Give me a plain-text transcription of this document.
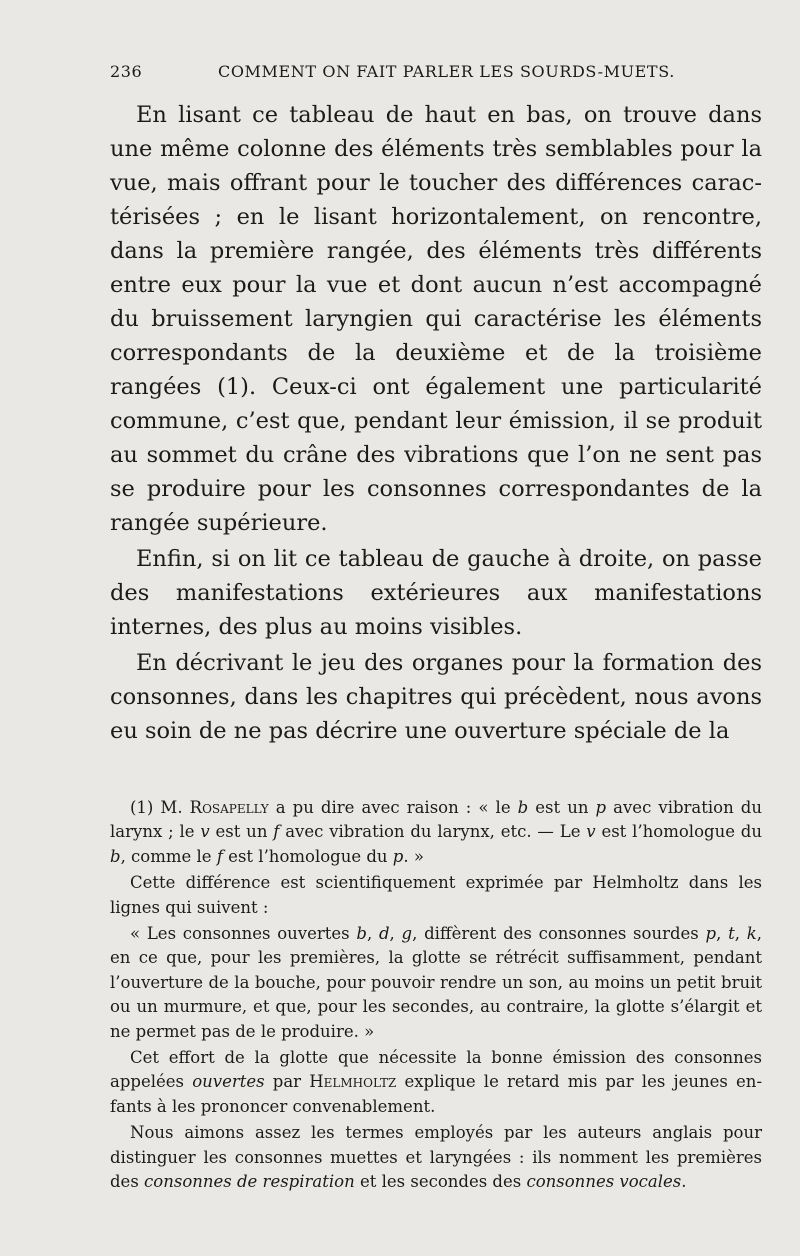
236	COMMENT ON FAIT PARLER LES SOURDS-MUETS.

En lisant ce tableau de haut en bas, on trouve dans une même colonne des éléments très semblables pour la vue, mais offrant pour le toucher des différences caractérisées ; en le lisant horizontalement, on rencontre, dans la première rangée, des éléments très différents entre eux pour la vue et dont aucun n’est accompagné du bruissement laryngien qui caractérise les éléments correspondants de la deuxième et de la troisième rangées (1). Ceux-ci ont également une particularité commune, c’est que, pendant leur émission, il se produit au sommet du crâne des vibrations que l’on ne sent pas se produire pour les consonnes correspondantes de la rangée supérieure.

Enfin, si on lit ce tableau de gauche à droite, on passe des manifestations extérieures aux manifestations internes, des plus au moins visibles.

En décrivant le jeu des organes pour la formation des consonnes, dans les chapitres qui précèdent, nous avons eu soin de ne pas décrire une ouverture spéciale de la

(1) M. Rosapelly a pu dire avec raison : « le b est un p avec vibration du larynx ; le v est un f avec vibration du larynx, etc. — Le v est l’homologue du b, comme le f est l’homologue du p. »

Cette différence est scientifiquement exprimée par Helmholtz dans les lignes qui suivent :

« Les consonnes ouvertes b, d, g, diffèrent des consonnes sourdes p, t, k, en ce que, pour les premières, la glotte se rétrécit suffisamment, pendant l’ouverture de la bouche, pour pouvoir rendre un son, au moins un petit bruit ou un murmure, et que, pour les secondes, au contraire, la glotte s’élargit et ne permet pas de le produire. »

Cet effort de la glotte que nécessite la bonne émission des consonnes appelées ouvertes par Helmholtz explique le retard mis par les jeunes enfants à les prononcer convenablement.

Nous aimons assez les termes employés par les auteurs anglais pour distinguer les consonnes muettes et laryngées : ils nomment les premières des consonnes de respiration et les secondes des consonnes vocales.
